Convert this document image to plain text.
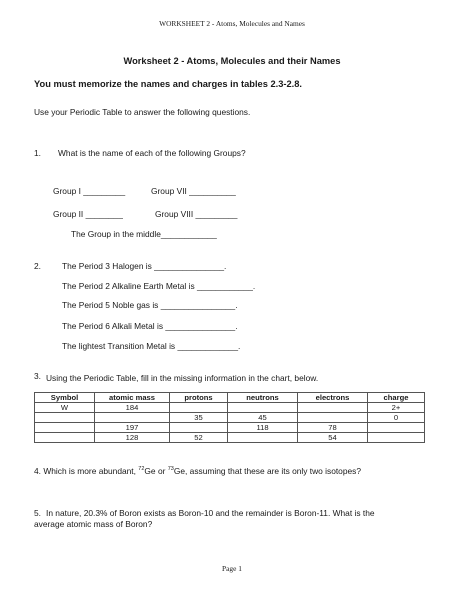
WORKSHEET 2 - Atoms, Molecules and Names
Worksheet 2 - Atoms, Molecules and their Names
You must memorize the names and charges in tables 2.3-2.8.
Use your Periodic Table to answer the following questions.
1. What is the name of each of the following Groups?
Group I _________	Group VII __________
Group II ________	Group VIII _________
The Group in the middle____________
2.	The Period 3 Halogen is _______________.
The Period 2 Alkaline Earth Metal is ____________.
The Period 5 Noble gas is ________________.
The Period 6 Alkali Metal is _______________.
The lightest Transition Metal is _____________.
3. Using the Periodic Table, fill in the missing information in the chart, below.
Symbol	atomic mass	protons	neutrons	electrons	charge
W	184				2+
		35	45		0
	197		118	78	
	128	52		54	
4. Which is more abundant, $^{72}$Ge or $^{73}$Ge, assuming that these are its only two isotopes?
5. In nature, 20.3% of Boron exists as Boron-10 and the remainder is Boron-11. What is the
average atomic mass of Boron?
Page 1
